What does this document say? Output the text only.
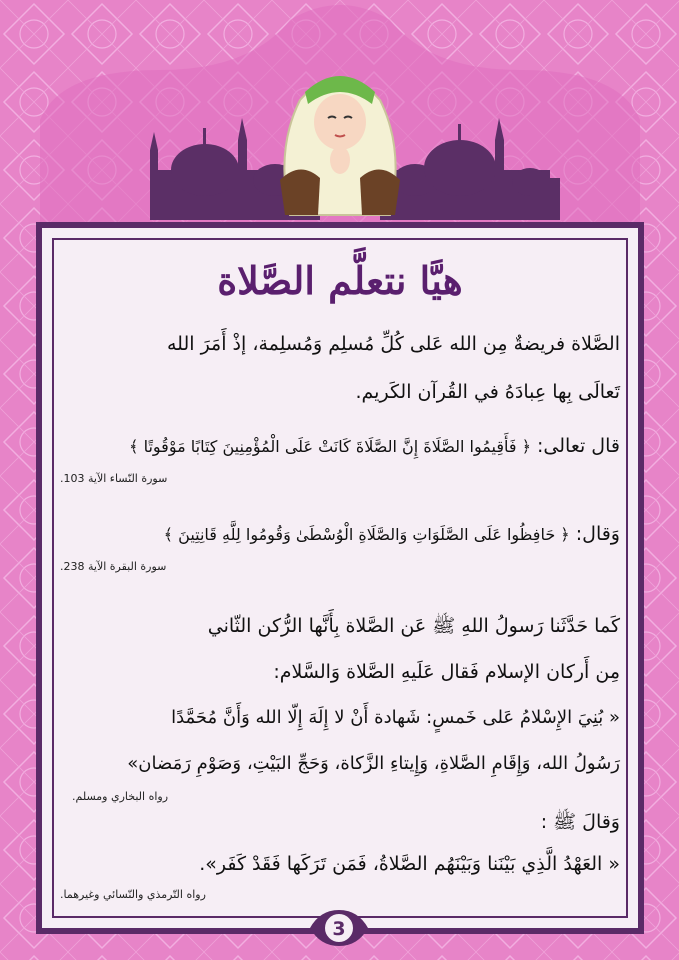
هيَّا نتعلَّم الصَّلاة
الصَّلاة فريضةٌ مِن الله عَلى كُلِّ مُسلِم وَمُسلِمة، إذْ أَمَرَ الله
تَعالَى بِها عِبادَهُ في القُرآن الكَريم.
قال تعالى: ﴿ فَأَقِيمُوا الصَّلَاةَ إِنَّ الصَّلَاةَ كَانَتْ عَلَى الْمُؤْمِنِينَ كِتَابًا مَوْقُوتًا ﴾
سورة النّساء الآية 103.
وَقال: ﴿ حَافِظُوا عَلَى الصَّلَوَاتِ وَالصَّلَاةِ الْوُسْطَىٰ وَقُومُوا لِلَّهِ قَانِتِينَ ﴾
سورة البقرة الآية 238.
كَما حَدَّثَنا رَسولُ اللهِ ﷺ عَن الصَّلاة بِأَنَّها الرُّكن الثّاني
مِن أَركان الإسلام فَقال عَلَيهِ الصَّلاة وَالسَّلام:
« بُنِيَ الإِسْلامُ عَلى خَمسٍ: شَهادة أَنْ لا إِلَهَ إِلّا الله وَأَنَّ مُحَمَّدًا
رَسُولُ الله، وَإِقَامِ الصَّلاةِ، وَإِيتاءِ الزَّكاة، وَحَجِّ البَيْتِ، وَصَوْمِ رَمَضان»
رواه البخاري ومسلم.
وَقالَ ﷺ :
« العَهْدُ الَّذِي بَيْنَنا وَبَيْنَهُم الصَّلاةُ، فَمَن تَرَكَها فَقَدْ كَفَر».
رواه التّرمذي والنّسائي وغيرهما.
3
